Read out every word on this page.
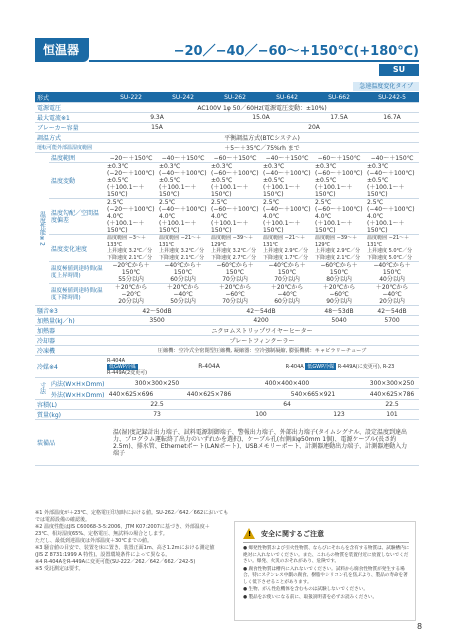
恒温器	−20／−40／−60～+150℃(+180℃)
SU
急速温度変化タイプ
形式		SU-222	SU-242	SU-262	SU-642	SU-662	SU-242-5
電源電圧		AC100V 1φ 50／60Hz(電源電圧変動：±10%)					
最大電流※1		9.3A		15.0A		17.5A	16.7A
ブレーカー容量		15A		20A			
調温方式		平衡調温方式(BTCシステム)					
運転可能外部温湿度範囲		＋5～＋35℃／75%rh まで					
温度性能※2	温度範囲	−20～＋150℃	−40～＋150℃	−60～＋150℃	−40～＋150℃	−60～＋150℃	−40～＋150℃
	温度変動	±0.3℃
(−20～＋100℃)
±0.5℃
(＋100.1～＋150℃)	±0.3℃
(−40～＋100℃)
±0.5℃
(＋100.1～＋150℃)	±0.3℃
(−60～＋100℃)
±0.5℃
(＋100.1～＋150℃)	±0.3℃
(−40～＋100℃)
±0.5℃
(＋100.1～＋150℃)	±0.3℃
(−60～＋100℃)
±0.5℃
(＋100.1～＋150℃)	±0.3℃
(−40～＋100℃)
±0.5℃
(＋100.1～＋150℃)
	温度勾配／空間温度偏差	2.5℃
(−20～＋100℃)
4.0℃
(＋100.1～＋150℃)	2.5℃
(−40～＋100℃)
4.0℃
(＋100.1～＋150℃)	2.5℃
(−60～＋100℃)
4.0℃
(＋100.1～＋150℃)	2.5℃
(−40～＋100℃)
4.0℃
(＋100.1～＋150℃)	2.5℃
(−60～＋100℃)
4.0℃
(＋100.1～＋150℃)	2.5℃
(−40～＋100℃)
4.0℃
(＋100.1～＋150℃)
	温度変化速度	温度範囲 −3～＋133℃
上昇速度 3.2℃／分
下降速度 2.1℃／分	温度範囲 −21～＋131℃
上昇速度 3.2℃／分
下降速度 2.1℃／分	温度範囲 −39～＋129℃
上昇速度 3.2℃／分
下降速度 2.7℃／分	温度範囲 −21～＋131℃
上昇速度 2.9℃／分
下降速度 1.7℃／分	温度範囲 −39～＋129℃
上昇速度 2.9℃／分
下降速度 2.1℃／分	温度範囲 −21～＋131℃
上昇速度 5.0℃／分
下降速度 5.0℃／分
	温度極値到達時間(温度上昇時間)	−20℃から＋150℃
55分以内	−40℃から＋150℃
60分以内	−60℃から＋150℃
70分以内	−40℃から＋150℃
70分以内	−60℃から＋150℃
80分以内	−40℃から＋150℃
40分以内
	温度極値到達時間(温度下降時間)	＋20℃から−20℃
20分以内	＋20℃から−40℃
50分以内	＋20℃から−60℃
70分以内	＋20℃から−40℃
60分以内	＋20℃から−60℃
90分以内	＋20℃から−40℃
20分以内
騒音※3		42～50dB		42～54dB		48～53dB	42～54dB
加熱量(kJ／h)		3500		4200		5040	5700
加熱器		ニクロムストリップワイヤーヒーター					
冷却器		プレートフィンクーラー					
冷凍機		圧縮機：空冷式全密閉型圧縮機, 凝縮器：空冷強制凝縮, 膨張機構：キャピラリーチューブ					
冷媒※4		R-404A
低GWP冷媒
R-449A(2変更可)	R-404A		R-404A 低GWP冷媒 R-449A(に変更可), R-23		
寸法	内法(W×H×Dmm)	300×300×250		400×400×400			300×300×250
	外法(W×H×Dmm)	440×625×696	440×625×786		540×665×921		440×625×786
容積(L)		22.5		64			22.5
質量(kg)		73		100		123	101
装備品		温(湿)度記録計出力端子、試料電源制御端子、警報出力端子、外部出力端子(タイムシグナル、設定温度到達出力、プログラム運転終了出力のいずれかを選択)、ケーブル孔(右側面φ50mm 1個)、電源ケーブル(長さ約2.5m)、排水管、Ethernetポート(LANポート)、USBメモリーポート、計測器連動出力端子、計測器連動入力端子					
※1 外部温度が＋23℃、定格電圧印加時における値。SU-262／642／662においても
では電源設備の確認後。
※2 温度性能はJIS C60068-3-5:2006、JTM K07:2007に基づき、外部温度＋
23℃、相対湿度65%、定格電圧、無試料の場合とします。
ただし、最低到達温度は外部温度＋30℃までの値。
※3 騒音値の目安で、装置を床に置き、装置正面1m、高さ1.2mにおける測定値
(JIS Z 8731:1999 A 特性)。設置環境条件によって異なる。
※4 R-404AをR-449Aに変更可能(SU-222／262／642／662／242-5)
※5 受託測定は要す。
! 安全に関するご注意
● 爆発性物質および引火性物質、ならびにそれらを含有する物質は、試験槽内に絶対に入れないでください。また、これらの物質を装置付近に放置しないでください。爆発、火災のおそれがあり、危険です。
● 腐食性物質は槽内に入れないでください。試料から腐食性物質が発生する場合、特にステンレス中劇の腐食、樹脂やシリコン孔を焦ぶより、製品の寿命を著しく低下させることがあります。
● 生物、がん性危機体を含むものは試験しないでください。
● 製品をお使いになる前に、取扱説明書を必ずお読みください。
8
